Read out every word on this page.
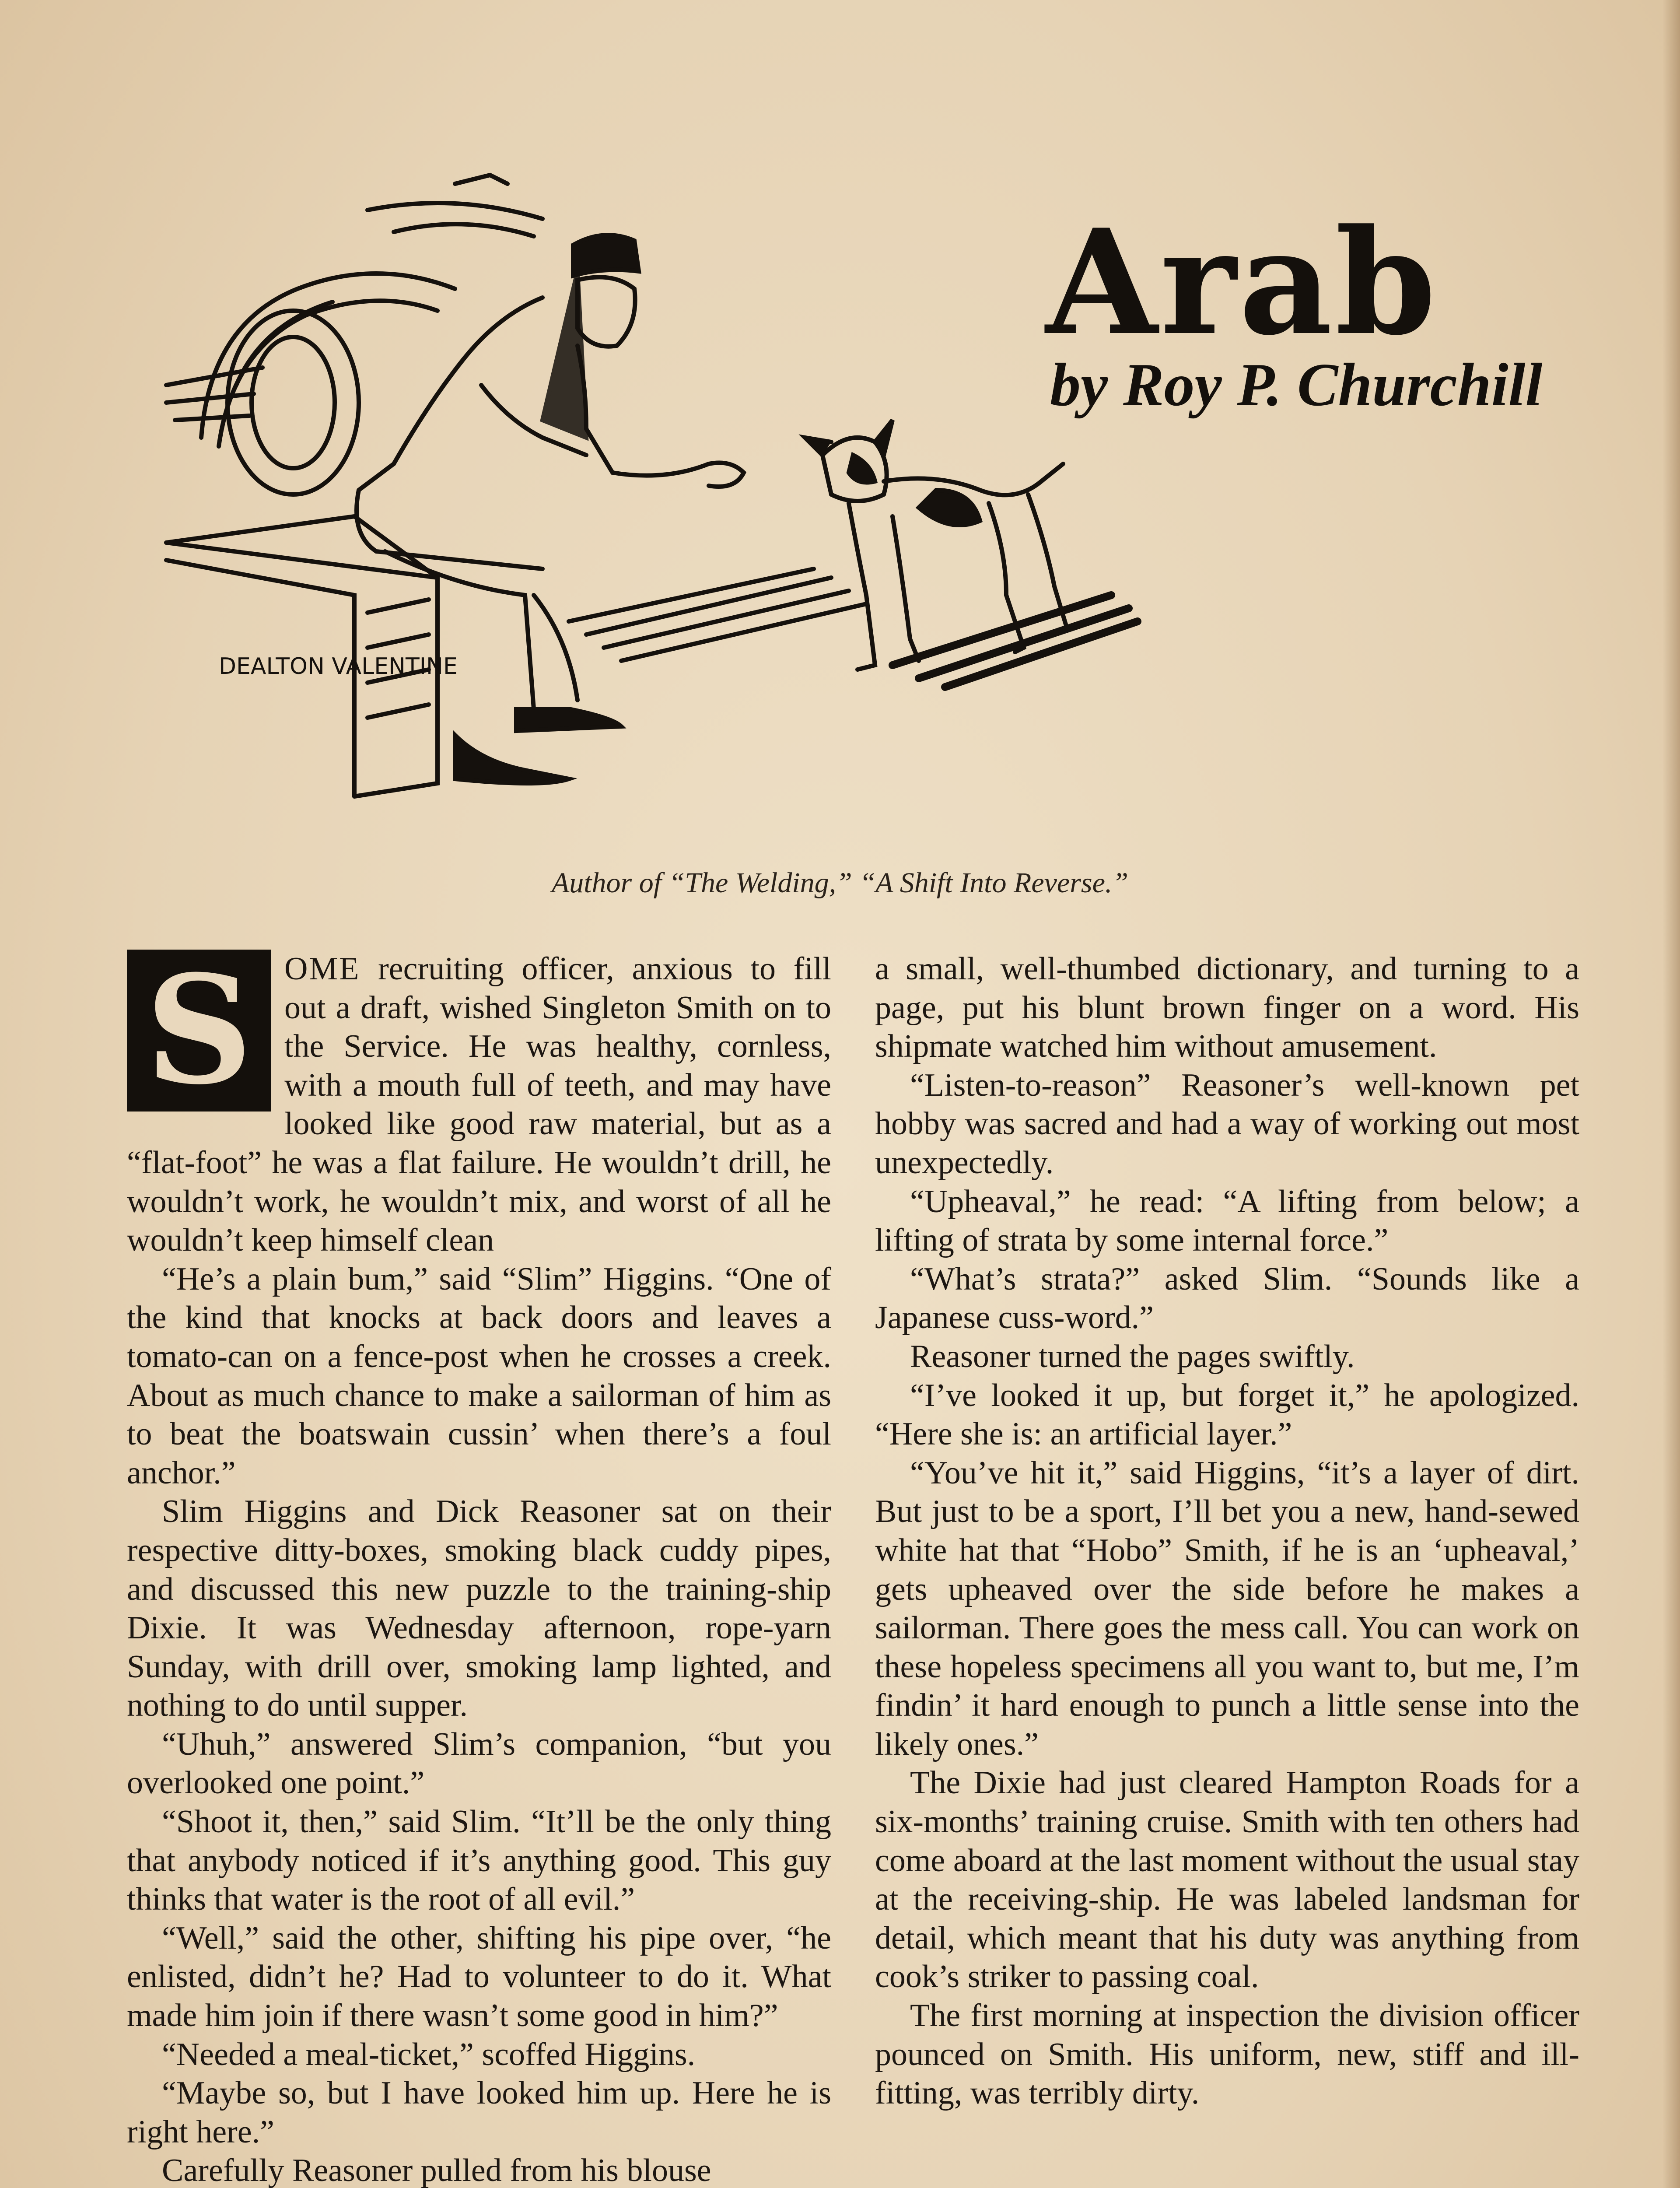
DEALTON VALENTINE
Arab
by Roy P. Churchill
Author of “The Welding,” “A Shift Into Reverse.”

S OME recruiting officer, anxious to fill out a draft, wished Singleton Smith on to the Service. He was healthy, cornless, with a mouth full of teeth, and may have looked like good raw material, but as a “flat-foot” he was a flat failure. He wouldn’t drill, he wouldn’t work, he wouldn’t mix, and worst of all he wouldn’t keep himself clean

“He’s a plain bum,” said “Slim” Higgins. “One of the kind that knocks at back doors and leaves a tomato-can on a fence-post when he crosses a creek. About as much chance to make a sailorman of him as to beat the boatswain cussin’ when there’s a foul anchor.”

Slim Higgins and Dick Reasoner sat on their respective ditty-boxes, smoking black cuddy pipes, and discussed this new puzzle to the training-ship Dixie. It was Wednesday afternoon, rope-yarn Sunday, with drill over, smoking lamp lighted, and nothing to do until supper.

“Uhuh,” answered Slim’s companion, “but you overlooked one point.”

“Shoot it, then,” said Slim. “It’ll be the only thing that anybody noticed if it’s anything good. This guy thinks that water is the root of all evil.”

“Well,” said the other, shifting his pipe over, “he enlisted, didn’t he? Had to volunteer to do it. What made him join if there wasn’t some good in him?”

“Needed a meal-ticket,” scoffed Higgins.

“Maybe so, but I have looked him up. Here he is right here.”

Carefully Reasoner pulled from his blouse

a small, well-thumbed dictionary, and turning to a page, put his blunt brown finger on a word. His shipmate watched him without amusement.

“Listen-to-reason” Reasoner’s well-known pet hobby was sacred and had a way of working out most unexpectedly.

“Upheaval,” he read: “A lifting from below; a lifting of strata by some internal force.”

“What’s strata?” asked Slim. “Sounds like a Japanese cuss-word.”

Reasoner turned the pages swiftly.

“I’ve looked it up, but forget it,” he apologized. “Here she is: an artificial layer.”

“You’ve hit it,” said Higgins, “it’s a layer of dirt. But just to be a sport, I’ll bet you a new, hand-sewed white hat that “Hobo” Smith, if he is an ‘upheaval,’ gets upheaved over the side before he makes a sailorman. There goes the mess call. You can work on these hopeless specimens all you want to, but me, I’m findin’ it hard enough to punch a little sense into the likely ones.”

The Dixie had just cleared Hampton Roads for a six-months’ training cruise. Smith with ten others had come aboard at the last moment without the usual stay at the receiving-ship. He was labeled landsman for detail, which meant that his duty was anything from cook’s striker to passing coal.

The first morning at inspection the division officer pounced on Smith. His uniform, new, stiff and ill-fitting, was terribly dirty.
